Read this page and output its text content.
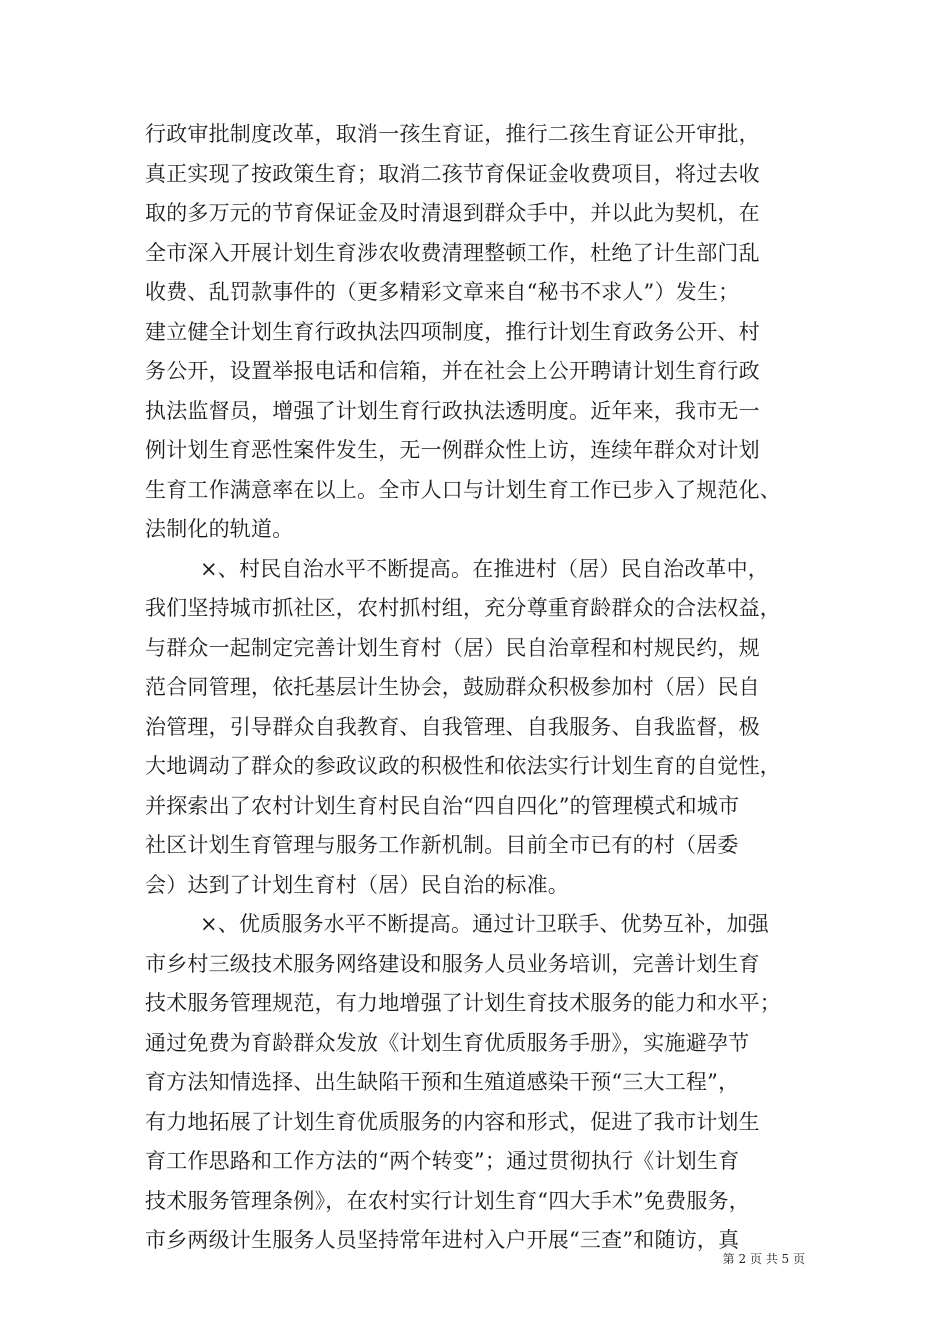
行政审批制度改革，取消一孩生育证，推行二孩生育证公开审批，
真正实现了按政策生育；取消二孩节育保证金收费项目，将过去收
取的多万元的节育保证金及时清退到群众手中，并以此为契机，在
全市深入开展计划生育涉农收费清理整顿工作，杜绝了计生部门乱
收费、乱罚款事件的（更多精彩文章来自“秘书不求人”）发生；
建立健全计划生育行政执法四项制度，推行计划生育政务公开、村
务公开，设置举报电话和信箱，并在社会上公开聘请计划生育行政
执法监督员，增强了计划生育行政执法透明度。近年来，我市无一
例计划生育恶性案件发生，无一例群众性上访，连续年群众对计划
生育工作满意率在以上。全市人口与计划生育工作已步入了规范化、
法制化的轨道。
×、村民自治水平不断提高。在推进村（居）民自治改革中，
我们坚持城市抓社区，农村抓村组，充分尊重育龄群众的合法权益，
与群众一起制定完善计划生育村（居）民自治章程和村规民约，规
范合同管理，依托基层计生协会，鼓励群众积极参加村（居）民自
治管理，引导群众自我教育、自我管理、自我服务、自我监督，极
大地调动了群众的参政议政的积极性和依法实行计划生育的自觉性，
并探索出了农村计划生育村民自治“四自四化”的管理模式和城市
社区计划生育管理与服务工作新机制。目前全市已有的村（居委
会）达到了计划生育村（居）民自治的标准。
×、优质服务水平不断提高。通过计卫联手、优势互补，加强
市乡村三级技术服务网络建设和服务人员业务培训，完善计划生育
技术服务管理规范，有力地增强了计划生育技术服务的能力和水平；
通过免费为育龄群众发放《计划生育优质服务手册》，实施避孕节
育方法知情选择、出生缺陷干预和生殖道感染干预“三大工程”，
有力地拓展了计划生育优质服务的内容和形式，促进了我市计划生
育工作思路和工作方法的“两个转变”；通过贯彻执行《计划生育
技术服务管理条例》，在农村实行计划生育“四大手术”免费服务，
市乡两级计生服务人员坚持常年进村入户开展“三查”和随访，真
第 2 页 共 5 页
